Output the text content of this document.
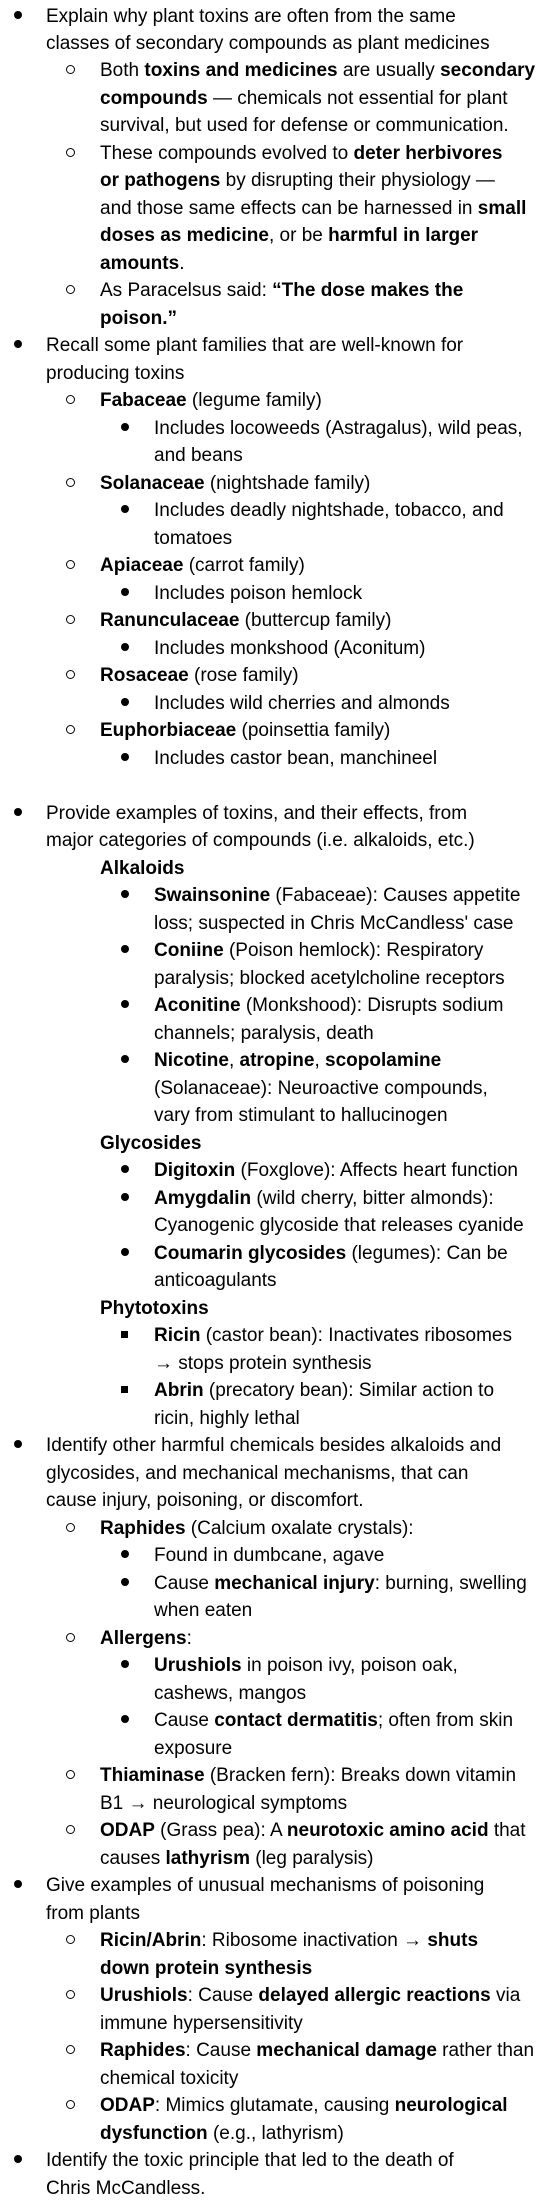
Explain why plant toxins are often from the same
classes of secondary compounds as plant medicines
Both toxins and medicines are usually secondary
compounds — chemicals not essential for plant
survival, but used for defense or communication.
These compounds evolved to deter herbivores
or pathogens by disrupting their physiology —
and those same effects can be harnessed in small
doses as medicine, or be harmful in larger
amounts.
As Paracelsus said: “The dose makes the
poison.”
Recall some plant families that are well-known for
producing toxins
Fabaceae (legume family)
Includes locoweeds (Astragalus), wild peas,
and beans
Solanaceae (nightshade family)
Includes deadly nightshade, tobacco, and
tomatoes
Apiaceae (carrot family)
Includes poison hemlock
Ranunculaceae (buttercup family)
Includes monkshood (Aconitum)
Rosaceae (rose family)
Includes wild cherries and almonds
Euphorbiaceae (poinsettia family)
Includes castor bean, manchineel
Provide examples of toxins, and their effects, from
major categories of compounds (i.e. alkaloids, etc.)
Alkaloids
Swainsonine (Fabaceae): Causes appetite
loss; suspected in Chris McCandless' case
Coniine (Poison hemlock): Respiratory
paralysis; blocked acetylcholine receptors
Aconitine (Monkshood): Disrupts sodium
channels; paralysis, death
Nicotine, atropine, scopolamine
(Solanaceae): Neuroactive compounds,
vary from stimulant to hallucinogen
Glycosides
Digitoxin (Foxglove): Affects heart function
Amygdalin (wild cherry, bitter almonds):
Cyanogenic glycoside that releases cyanide
Coumarin glycosides (legumes): Can be
anticoagulants
Phytotoxins
Ricin (castor bean): Inactivates ribosomes
→ stops protein synthesis
Abrin (precatory bean): Similar action to
ricin, highly lethal
Identify other harmful chemicals besides alkaloids and
glycosides, and mechanical mechanisms, that can
cause injury, poisoning, or discomfort.
Raphides (Calcium oxalate crystals):
Found in dumbcane, agave
Cause mechanical injury: burning, swelling
when eaten
Allergens:
Urushiols in poison ivy, poison oak,
cashews, mangos
Cause contact dermatitis; often from skin
exposure
Thiaminase (Bracken fern): Breaks down vitamin
B1 → neurological symptoms
ODAP (Grass pea): A neurotoxic amino acid that
causes lathyrism (leg paralysis)
Give examples of unusual mechanisms of poisoning
from plants
Ricin/Abrin: Ribosome inactivation → shuts
down protein synthesis
Urushiols: Cause delayed allergic reactions via
immune hypersensitivity
Raphides: Cause mechanical damage rather than
chemical toxicity
ODAP: Mimics glutamate, causing neurological
dysfunction (e.g., lathyrism)
Identify the toxic principle that led to the death of
Chris McCandless.
